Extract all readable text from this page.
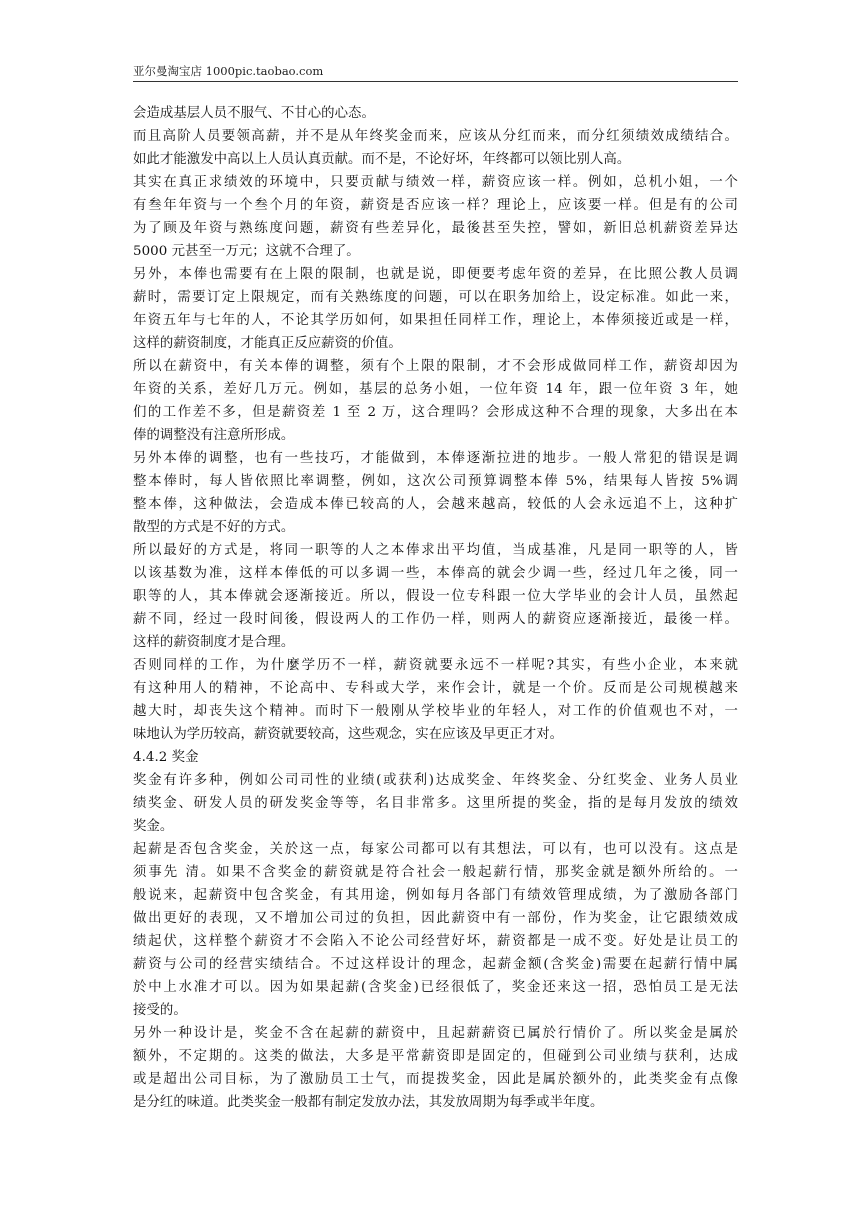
亚尔曼淘宝店 1000pic.taobao.com
会造成基层人员不服气、不甘心的心态。
而且高阶人员要领高薪，并不是从年终奖金而来，应该从分红而来，而分红须绩效成绩结合。
如此才能激发中高以上人员认真贡献。而不是，不论好坏，年终都可以领比别人高。
其实在真正求绩效的环境中，只要贡献与绩效一样，薪资应该一样。例如，总机小姐，一个
有叁年年资与一个叁个月的年资，薪资是否应该一样？理论上，应该要一样。但是有的公司
为了顾及年资与熟练度问题，薪资有些差异化，最後甚至失控，譬如，新旧总机薪资差异达
5000 元甚至一万元；这就不合理了。
另外，本俸也需要有在上限的限制，也就是说，即便要考虑年资的差异，在比照公教人员调
薪时，需要订定上限规定，而有关熟练度的问题，可以在职务加给上，设定标准。如此一来，
年资五年与七年的人，不论其学历如何，如果担任同样工作，理论上，本俸须接近或是一样，
这样的薪资制度，才能真正反应薪资的价值。
所以在薪资中，有关本俸的调整，须有个上限的限制，才不会形成做同样工作，薪资却因为
年资的关系，差好几万元。例如，基层的总务小姐，一位年资 14 年，跟一位年资 3 年，她
们的工作差不多，但是薪资差 1 至 2 万，这合理吗？会形成这种不合理的现象，大多出在本
俸的调整没有注意所形成。
另外本俸的调整，也有一些技巧，才能做到，本俸逐渐拉进的地步。一般人常犯的错误是调
整本俸时，每人皆依照比率调整，例如，这次公司预算调整本俸 5%，结果每人皆按 5%调
整本俸，这种做法，会造成本俸已较高的人，会越来越高，较低的人会永远追不上，这种扩
散型的方式是不好的方式。
所以最好的方式是，将同一职等的人之本俸求出平均值，当成基准，凡是同一职等的人，皆
以该基数为准，这样本俸低的可以多调一些，本俸高的就会少调一些，经过几年之後，同一
职等的人，其本俸就会逐渐接近。所以，假设一位专科跟一位大学毕业的会计人员，虽然起
薪不同，经过一段时间後，假设两人的工作仍一样，则两人的薪资应逐渐接近，最後一样。
这样的薪资制度才是合理。
否则同样的工作，为什麼学历不一样，薪资就要永远不一样呢?其实，有些小企业，本来就
有这种用人的精神，不论高中、专科或大学，来作会计，就是一个价。反而是公司规模越来
越大时，却丧失这个精神。而时下一般刚从学校毕业的年轻人，对工作的价值观也不对，一
味地认为学历较高，薪资就要较高，这些观念，实在应该及早更正才对。
4.4.2 奖金
奖金有许多种，例如公司司性的业绩(或获利)达成奖金、年终奖金、分红奖金、业务人员业
绩奖金、研发人员的研发奖金等等，名目非常多。这里所提的奖金，指的是每月发放的绩效
奖金。
起薪是否包含奖金，关於这一点，每家公司都可以有其想法，可以有，也可以没有。这点是
须事先 清。如果不含奖金的薪资就是符合社会一般起薪行情，那奖金就是额外所给的。一
般说来，起薪资中包含奖金，有其用途，例如每月各部门有绩效管理成绩，为了激励各部门
做出更好的表现，又不增加公司过的负担，因此薪资中有一部份，作为奖金，让它跟绩效成
绩起伏，这样整个薪资才不会陷入不论公司经营好坏，薪资都是一成不变。好处是让员工的
薪资与公司的经营实绩结合。不过这样设计的理念，起薪金额(含奖金)需要在起薪行情中属
於中上水准才可以。因为如果起薪(含奖金)已经很低了，奖金还来这一招，恐怕员工是无法
接受的。
另外一种设计是，奖金不含在起薪的薪资中，且起薪薪资已属於行情价了。所以奖金是属於
额外，不定期的。这类的做法，大多是平常薪资即是固定的，但碰到公司业绩与获利，达成
或是超出公司目标，为了激励员工士气，而提拨奖金，因此是属於额外的，此类奖金有点像
是分红的味道。此类奖金一般都有制定发放办法，其发放周期为每季或半年度。
